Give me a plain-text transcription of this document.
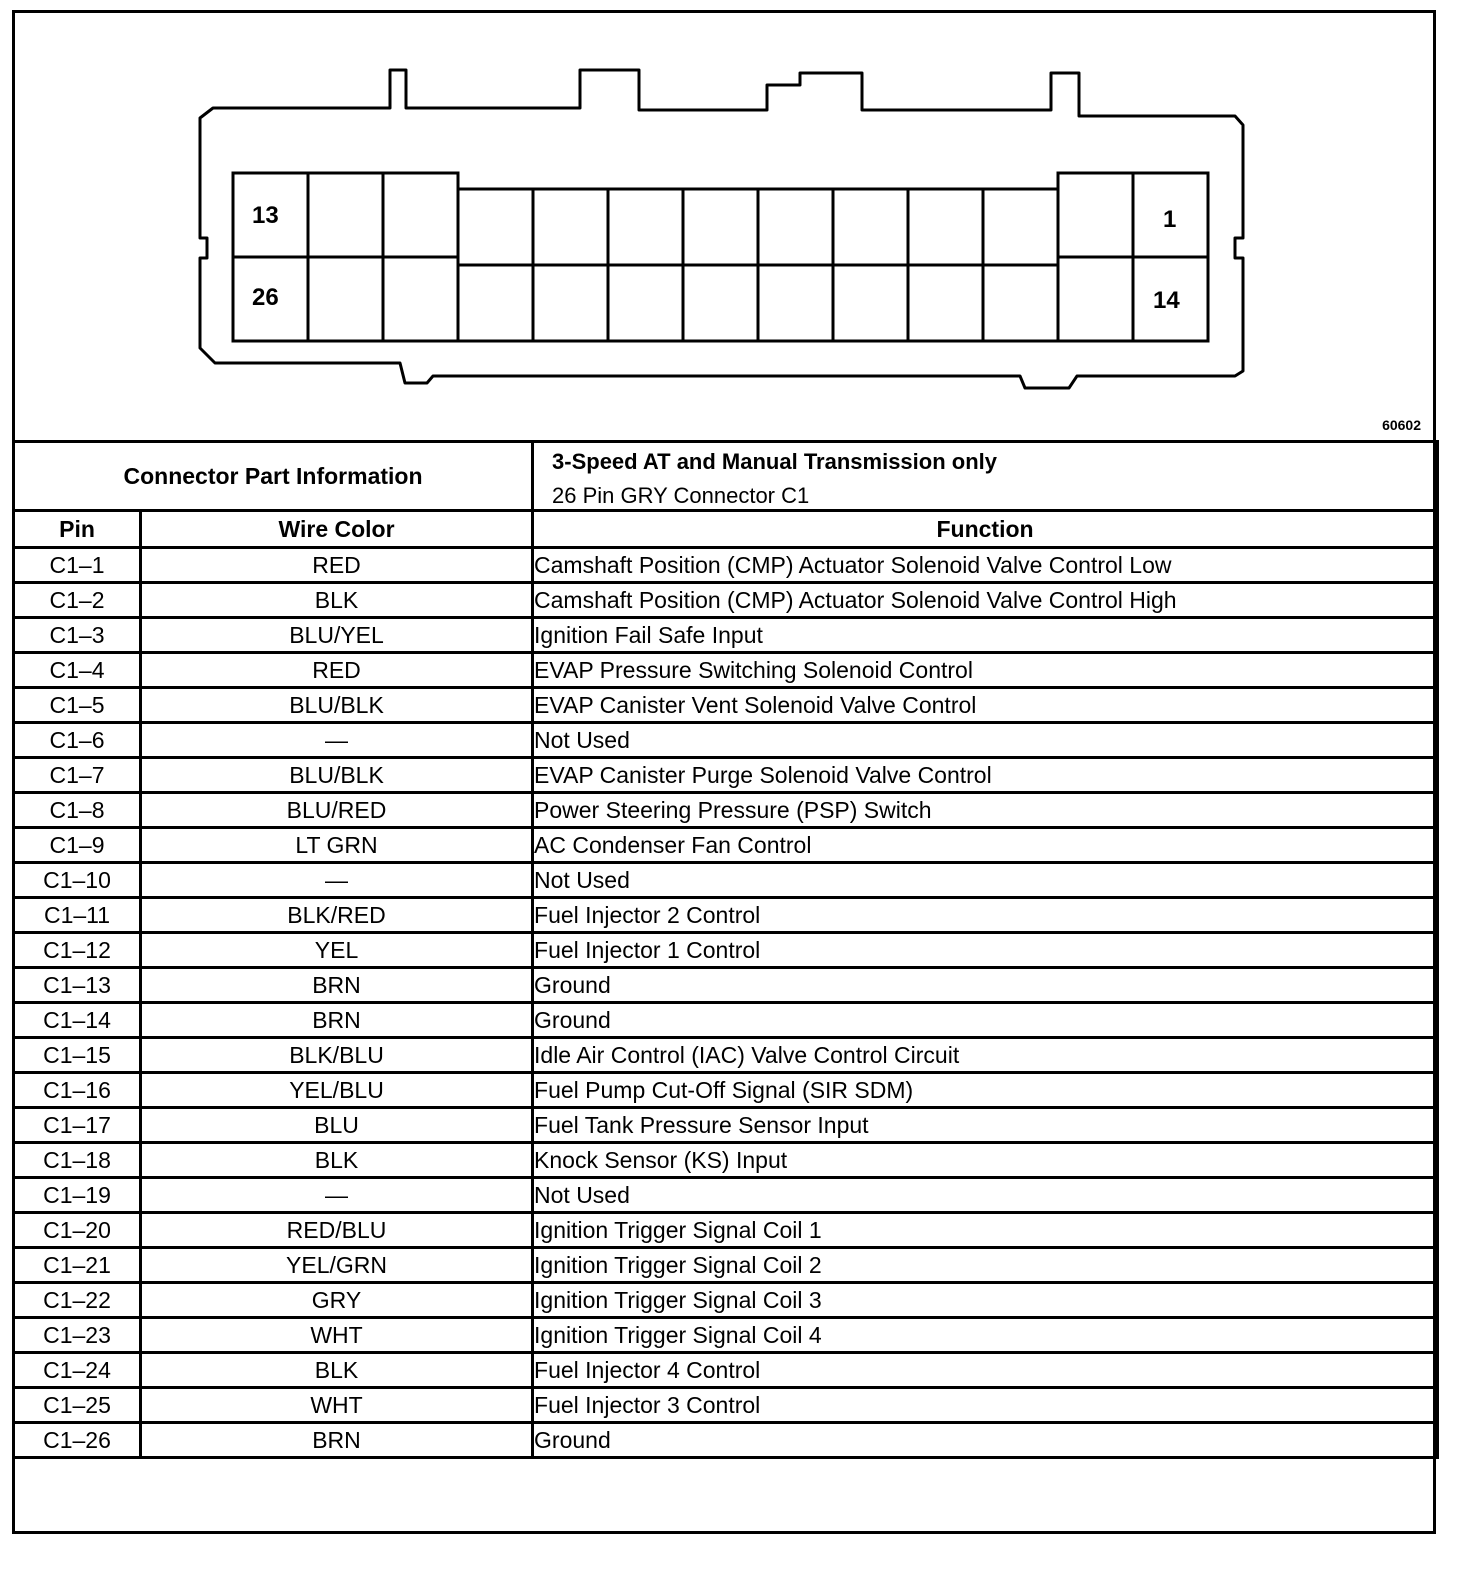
13
26
1
14
60602
Connector Part Information		3-Speed AT and Manual Transmission only
26 Pin GRY Connector C1

Pin	Wire Color	Function
C1–1	RED	Camshaft Position (CMP) Actuator Solenoid Valve Control Low
C1–2	BLK	Camshaft Position (CMP) Actuator Solenoid Valve Control High
C1–3	BLU/YEL	Ignition Fail Safe Input
C1–4	RED	EVAP Pressure Switching Solenoid Control
C1–5	BLU/BLK	EVAP Canister Vent Solenoid Valve Control
C1–6	—	Not Used
C1–7	BLU/BLK	EVAP Canister Purge Solenoid Valve Control
C1–8	BLU/RED	Power Steering Pressure (PSP) Switch
C1–9	LT GRN	AC Condenser Fan Control
C1–10	—	Not Used
C1–11	BLK/RED	Fuel Injector 2 Control
C1–12	YEL	Fuel Injector 1 Control
C1–13	BRN	Ground
C1–14	BRN	Ground
C1–15	BLK/BLU	Idle Air Control (IAC) Valve Control Circuit
C1–16	YEL/BLU	Fuel Pump Cut-Off Signal (SIR SDM)
C1–17	BLU	Fuel Tank Pressure Sensor Input
C1–18	BLK	Knock Sensor (KS) Input
C1–19	—	Not Used
C1–20	RED/BLU	Ignition Trigger Signal Coil 1
C1–21	YEL/GRN	Ignition Trigger Signal Coil 2
C1–22	GRY	Ignition Trigger Signal Coil 3
C1–23	WHT	Ignition Trigger Signal Coil 4
C1–24	BLK	Fuel Injector 4 Control
C1–25	WHT	Fuel Injector 3 Control
C1–26	BRN	Ground
